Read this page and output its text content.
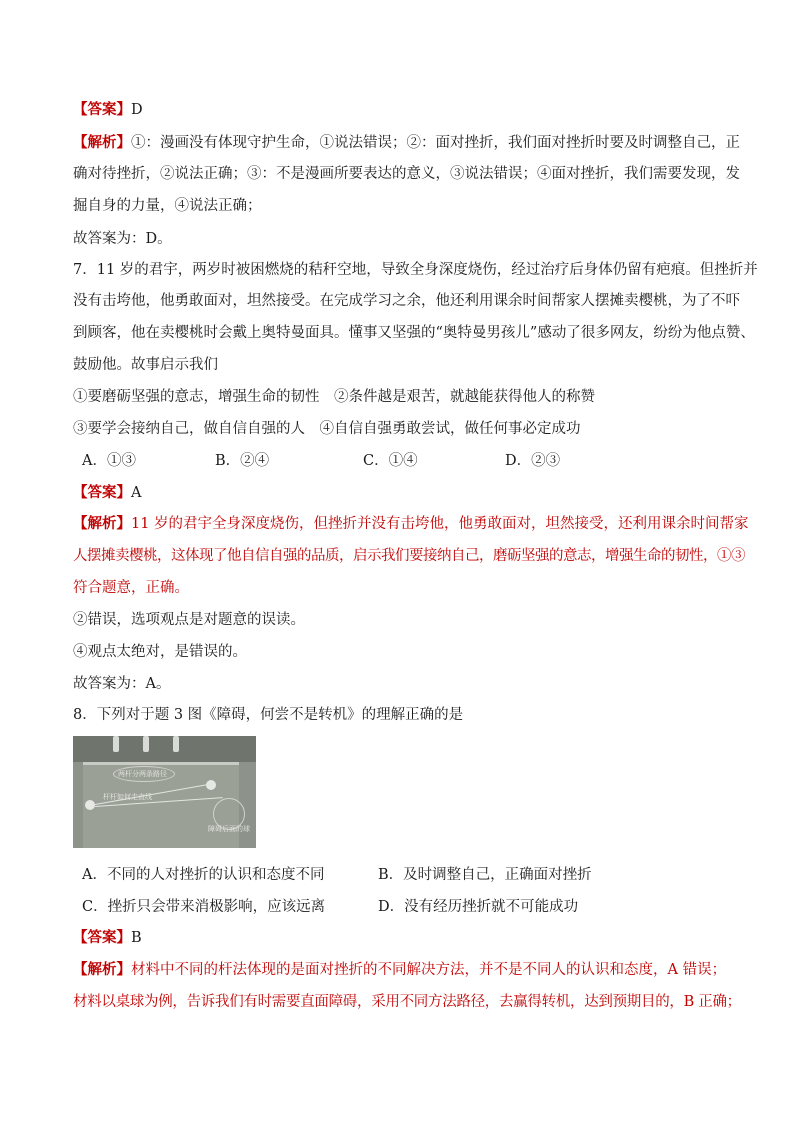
【答案】D
【解析】①：漫画没有体现守护生命，①说法错误；②：面对挫折，我们面对挫折时要及时调整自己，正
确对待挫折，②说法正确；③：不是漫画所要表达的意义，③说法错误；④面对挫折，我们需要发现，发
掘自身的力量，④说法正确；
故答案为：D。
7．11 岁的君宇，两岁时被困燃烧的秸秆空地，导致全身深度烧伤，经过治疗后身体仍留有疤痕。但挫折并
没有击垮他，他勇敢面对，坦然接受。在完成学习之余，他还利用课余时间帮家人摆摊卖樱桃，为了不吓
到顾客，他在卖樱桃时会戴上奥特曼面具。懂事又坚强的“奥特曼男孩儿”感动了很多网友，纷纷为他点赞、
鼓励他。故事启示我们
①要磨砺坚强的意志，增强生命的韧性　②条件越是艰苦，就越能获得他人的称赞
③要学会接纳自己，做自信自强的人　④自信自强勇敢尝试，做任何事必定成功
A．①③	B．②④	C．①④	D．②③
【答案】A
【解析】11 岁的君宇全身深度烧伤，但挫折并没有击垮他，他勇敢面对，坦然接受，还利用课余时间帮家
人摆摊卖樱桃，这体现了他自信自强的品质，启示我们要接纳自己，磨砺坚强的意志，增强生命的韧性，①③
符合题意，正确。
②错误，选项观点是对题意的误读。
④观点太绝对，是错误的。
故答案为：A。
8．下列对于题 3 图《障碍，何尝不是转机》的理解正确的是
两杆分两条路径
杆杆如何走直线
障碍后面的球
A．不同的人对挫折的认识和态度不同	B．及时调整自己，正确面对挫折
C．挫折只会带来消极影响，应该远离	D．没有经历挫折就不可能成功
【答案】B
【解析】材料中不同的杆法体现的是面对挫折的不同解决方法，并不是不同人的认识和态度，A 错误；
材料以桌球为例，告诉我们有时需要直面障碍，采用不同方法路径，去赢得转机，达到预期目的，B 正确；
